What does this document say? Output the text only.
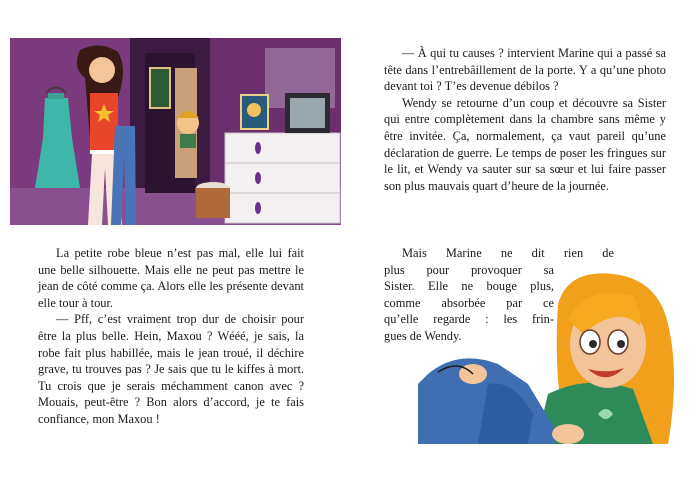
La petite robe bleue n’est pas mal, elle lui fait une belle silhouette. Mais elle ne peut pas mettre le jean de côté comme ça. Alors elle les présente devant elle tour à tour.

— Pff, c’est vraiment trop dur de choisir pour être la plus belle. Hein, Maxou ? Wééé, je sais, la robe fait plus habillée, mais le jean troué, il déchire grave, tu trouves pas ? Je sais que tu le kiffes à mort. Tu crois que je serais méchamment canon avec ? Mouais, peut-être ? Bon alors d’accord, je te fais confiance, mon Maxou !

— À qui tu causes ? intervient Marine qui a passé sa tête dans l’entrebâillement de la porte. Y a qu’une photo devant toi ? T’es devenue débilos ?

Wendy se retourne d’un coup et découvre sa Sister qui entre complètement dans la chambre sans même y être invitée. Ça, normalement, ça vaut pareil qu’une déclaration de guerre. Le temps de poser les fringues sur le lit, et Wendy va sauter sur sa sœur et lui faire passer son plus mauvais quart d’heure de la journée.

Mais Marine ne dit rien de
plus pour provoquer sa
Sister. Elle ne bouge plus,
comme absorbée par ce
qu’elle regarde : les frin-
gues de Wendy.
